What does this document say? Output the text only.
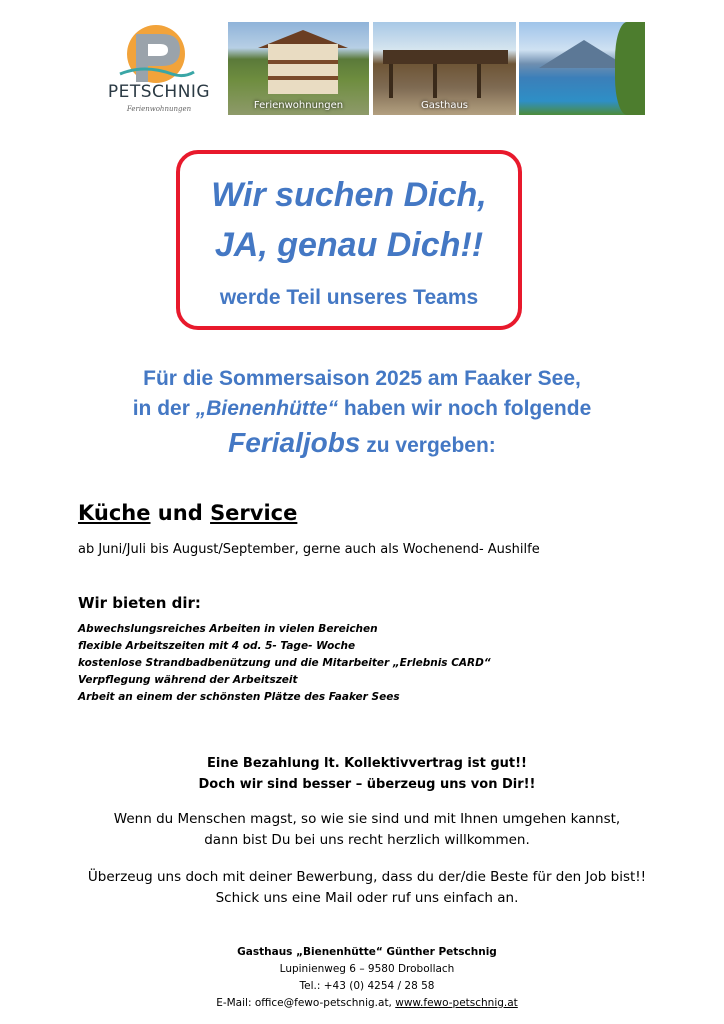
PETSCHNIG
Ferienwohnungen	Ferienwohnungen	Gasthaus
Wir suchen Dich,
JA, genau Dich!!
werde Teil unseres Teams
Für die Sommersaison 2025 am Faaker See,
in der „Bienenhütte“ haben wir noch folgende
Ferialjobs zu vergeben:
Küche und Service
ab Juni/Juli bis August/September, gerne auch als Wochenend- Aushilfe
Wir bieten dir:
Abwechslungsreiches Arbeiten in vielen Bereichen
flexible Arbeitszeiten mit 4 od. 5- Tage- Woche
kostenlose Strandbadbenützung und die Mitarbeiter „Erlebnis CARD“
Verpflegung während der Arbeitszeit
Arbeit an einem der schönsten Plätze des Faaker Sees
Eine Bezahlung lt. Kollektivvertrag ist gut!!
Doch wir sind besser – überzeug uns von Dir!!
Wenn du Menschen magst, so wie sie sind und mit Ihnen umgehen kannst,
dann bist Du bei uns recht herzlich willkommen.
Überzeug uns doch mit deiner Bewerbung, dass du der/die Beste für den Job bist!!
Schick uns eine Mail oder ruf uns einfach an.
Gasthaus „Bienenhütte“ Günther Petschnig
Lupinienweg 6 – 9580 Drobollach
Tel.: +43 (0) 4254 / 28 58
E-Mail: office@fewo-petschnig.at, www.fewo-petschnig.at
